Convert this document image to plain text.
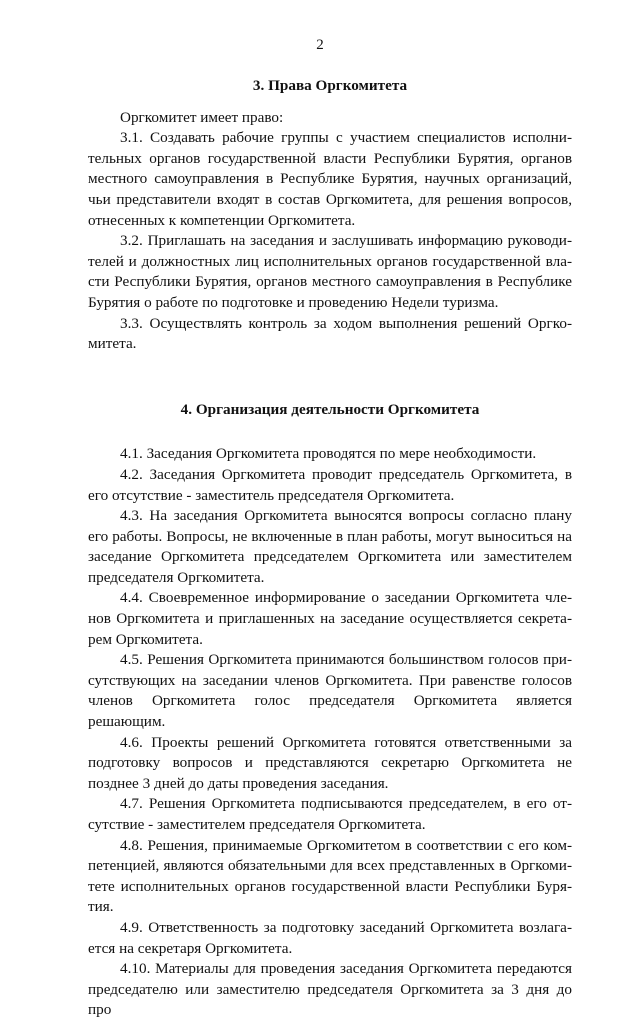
2
3. Права Оргкомитета

Оргкомитет имеет право:

3.1. Создавать рабочие группы с участием специалистов исполнительных органов государственной власти Республики Бурятия, органов местного самоуправления в Республике Бурятия, научных организаций, чьи представители входят в состав Оргкомитета, для решения вопросов, отнесенных к компетенции Оргкомитета.

3.2. Приглашать на заседания и заслушивать информацию руководителей и должностных лиц исполнительных органов государственной власти Республики Бурятия, органов местного самоуправления в Республике Бурятия о работе по подготовке и проведению Недели туризма.

3.3. Осуществлять контроль за ходом выполнения решений Оргкомитета.

4. Организация деятельности Оргкомитета

4.1. Заседания Оргкомитета проводятся по мере необходимости.

4.2. Заседания Оргкомитета проводит председатель Оргкомитета, в его отсутствие - заместитель председателя Оргкомитета.

4.3. На заседания Оргкомитета выносятся вопросы согласно плану его работы. Вопросы, не включенные в план работы, могут выноситься на заседание Оргкомитета председателем Оргкомитета или заместителем председателя Оргкомитета.

4.4. Своевременное информирование о заседании Оргкомитета членов Оргкомитета и приглашенных на заседание осуществляется секретарем Оргкомитета.

4.5. Решения Оргкомитета принимаются большинством голосов присутствующих на заседании членов Оргкомитета. При равенстве голосов членов Оргкомитета голос председателя Оргкомитета является решающим.

4.6. Проекты решений Оргкомитета готовятся ответственными за подготовку вопросов и представляются секретарю Оргкомитета не позднее 3 дней до даты проведения заседания.

4.7. Решения Оргкомитета подписываются председателем, в его отсутствие - заместителем председателя Оргкомитета.

4.8. Решения, принимаемые Оргкомитетом в соответствии с его компетенцией, являются обязательными для всех представленных в Оргкомитете исполнительных органов государственной власти Республики Бурятия.

4.9. Ответственность за подготовку заседаний Оргкомитета возлагается на секретаря Оргкомитета.

4.10. Материалы для проведения заседания Оргкомитета передаются председателю или заместителю председателя Оргкомитета за 3 дня до про
